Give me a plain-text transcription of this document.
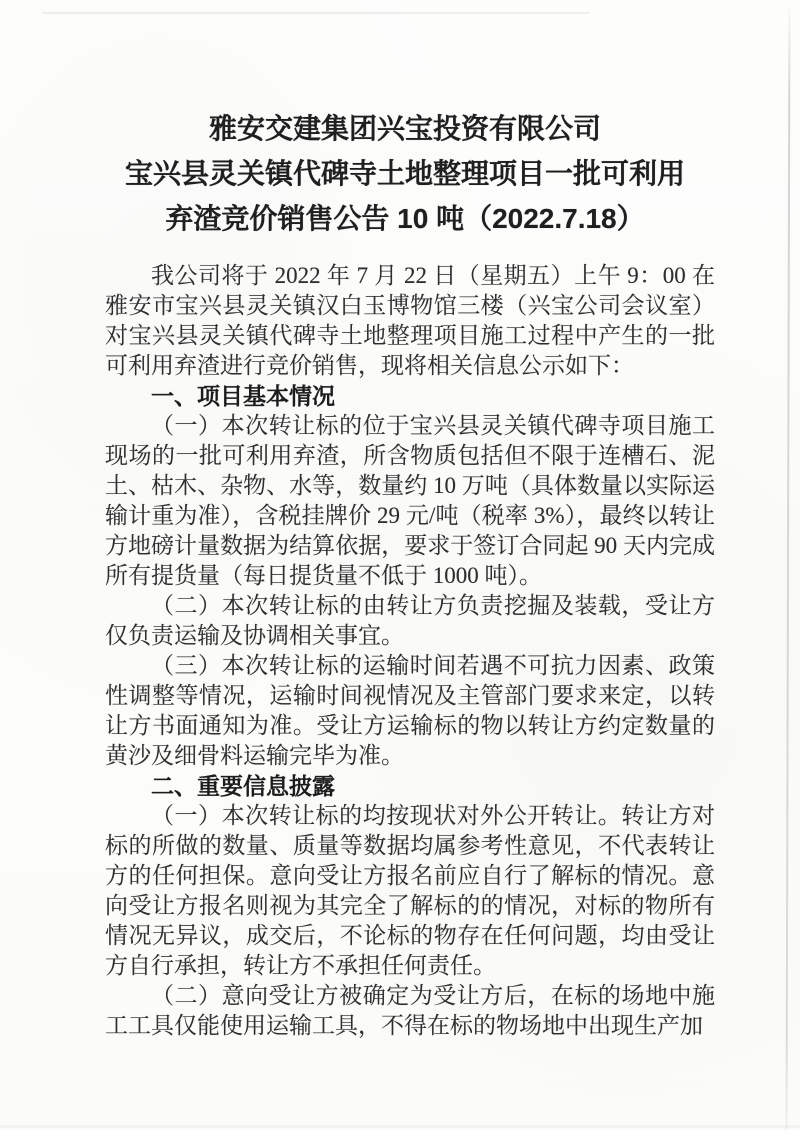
雅安交建集团兴宝投资有限公司
宝兴县灵关镇代碑寺土地整理项目一批可利用
弃渣竞价销售公告 10 吨（2022.7.18）

我公司将于 2022 年 7 月 22 日（星期五）上午 9：00 在雅安市宝兴县灵关镇汉白玉博物馆三楼（兴宝公司会议室）对宝兴县灵关镇代碑寺土地整理项目施工过程中产生的一批可利用弃渣进行竞价销售，现将相关信息公示如下：

一、项目基本情况

（一）本次转让标的位于宝兴县灵关镇代碑寺项目施工现场的一批可利用弃渣，所含物质包括但不限于连槽石、泥土、枯木、杂物、水等，数量约 10 万吨（具体数量以实际运输计重为准），含税挂牌价 29 元/吨（税率 3%），最终以转让方地磅计量数据为结算依据，要求于签订合同起 90 天内完成所有提货量（每日提货量不低于 1000 吨）。

（二）本次转让标的由转让方负责挖掘及装载，受让方仅负责运输及协调相关事宜。

（三）本次转让标的运输时间若遇不可抗力因素、政策性调整等情况，运输时间视情况及主管部门要求来定，以转让方书面通知为准。受让方运输标的物以转让方约定数量的黄沙及细骨料运输完毕为准。

二、重要信息披露

（一）本次转让标的均按现状对外公开转让。转让方对标的所做的数量、质量等数据均属参考性意见，不代表转让方的任何担保。意向受让方报名前应自行了解标的情况。意向受让方报名则视为其完全了解标的的情况，对标的物所有情况无异议，成交后，不论标的物存在任何问题，均由受让方自行承担，转让方不承担任何责任。

（二）意向受让方被确定为受让方后，在标的场地中施工工具仅能使用运输工具，不得在标的物场地中出现生产加
